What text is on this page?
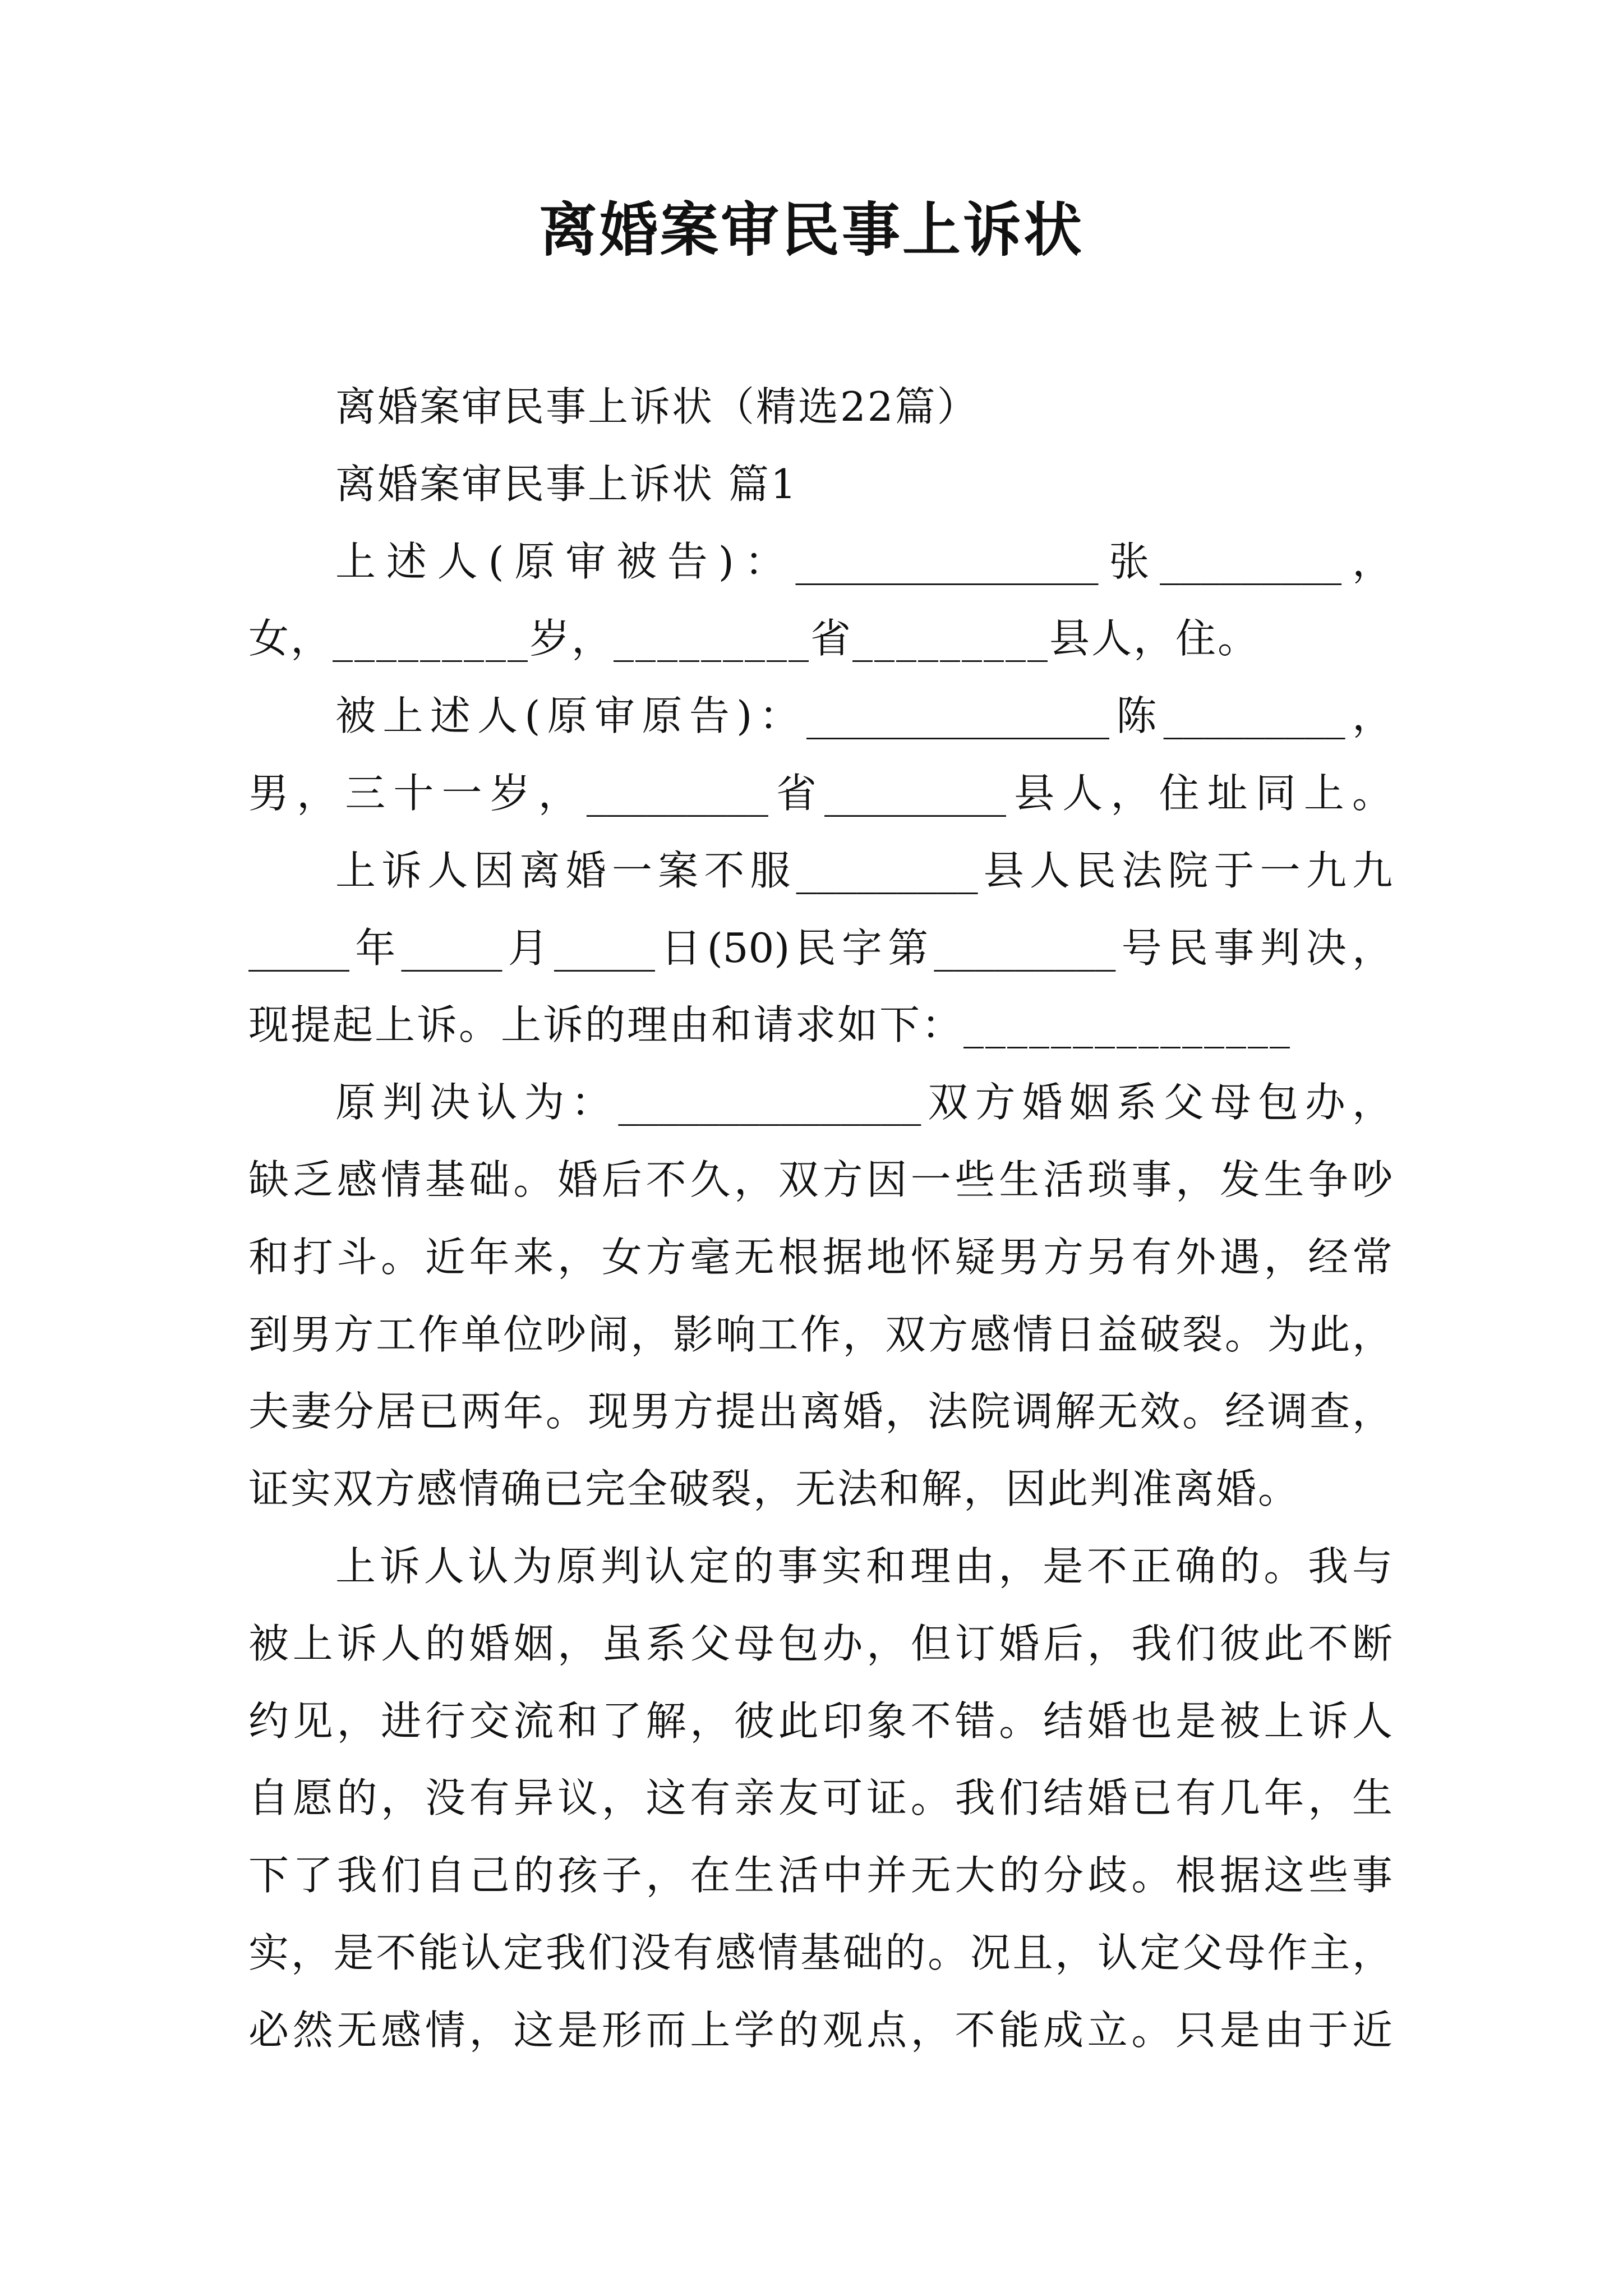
离婚案审民事上诉状
离婚案审民事上诉状（精选22篇）
离婚案审民事上诉状 篇1
上述人(原审被告)：_______________张_________，
女，_________岁，_________省_________县人，住。
被上述人(原审原告)：_______________陈_________，
男，三十一岁，_________省_________县人，住址同上。
上诉人因离婚一案不服_________县人民法院于一九九
_____年_____月_____日(50)民字第_________号民事判决，
现提起上诉。上诉的理由和请求如下：_______________
原判决认为：_______________双方婚姻系父母包办，
缺乏感情基础。婚后不久，双方因一些生活琐事，发生争吵
和打斗。近年来，女方毫无根据地怀疑男方另有外遇，经常
到男方工作单位吵闹，影响工作，双方感情日益破裂。为此，
夫妻分居已两年。现男方提出离婚，法院调解无效。经调查，
证实双方感情确已完全破裂，无法和解，因此判准离婚。
上诉人认为原判认定的事实和理由，是不正确的。我与
被上诉人的婚姻，虽系父母包办，但订婚后，我们彼此不断
约见，进行交流和了解，彼此印象不错。结婚也是被上诉人
自愿的，没有异议，这有亲友可证。我们结婚已有几年，生
下了我们自己的孩子，在生活中并无大的分歧。根据这些事
实，是不能认定我们没有感情基础的。况且，认定父母作主，
必然无感情，这是形而上学的观点，不能成立。只是由于近
